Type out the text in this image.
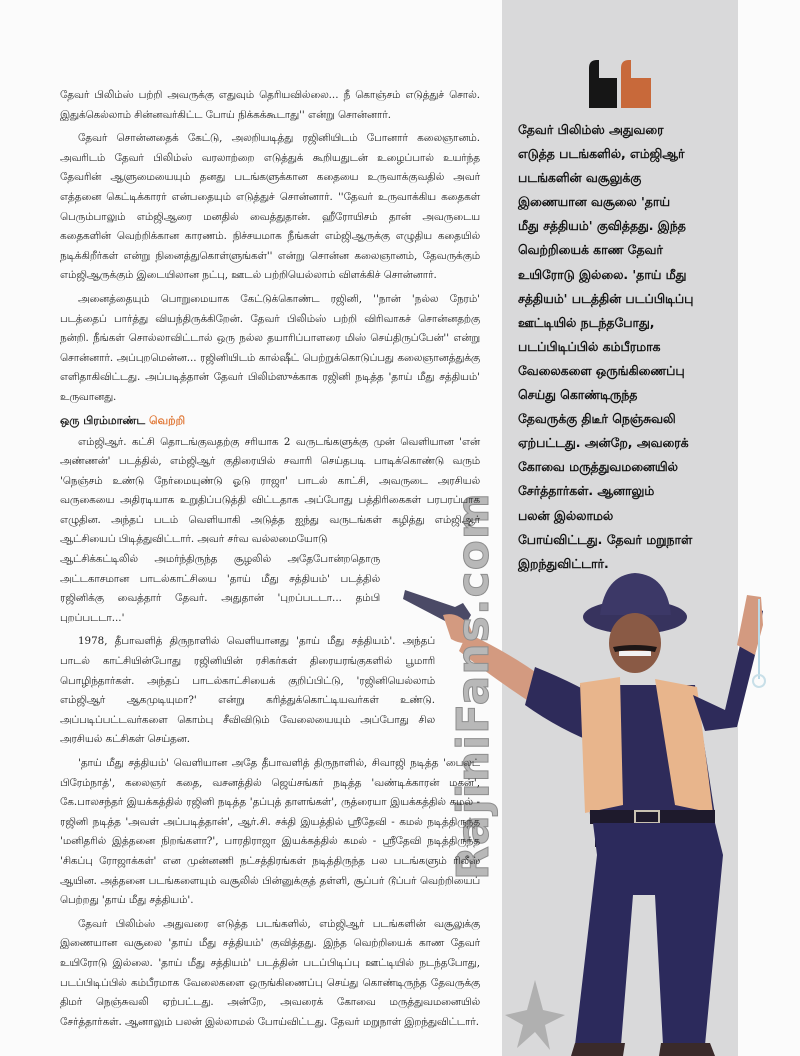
தேவர் பிலிம்ஸ் அதுவரை

எடுத்த படங்களில், எம்ஜிஆர்

படங்களின் வசூலுக்கு

இணையான வசூலை 'தாய்

மீது சத்தியம்' குவித்தது. இந்த

வெற்றியைக் காண தேவர்

உயிரோடு இல்லை. 'தாய் மீது

சத்தியம்' படத்தின் படப்பிடிப்பு

ஊட்டியில் நடந்தபோது,

படப்பிடிப்பில் கம்பீரமாக

வேலைகளை ஒருங்கிணைப்பு

செய்து கொண்டிருந்த

தேவருக்கு திடீர் நெஞ்சுவலி

ஏற்பட்டது. அன்றே, அவரைக்

கோவை மருத்துவமனையில்

சேர்த்தார்கள். ஆனாலும்

பலன் இல்லாமல்

போய்விட்டது. தேவர் மறுநாள்

இறந்துவிட்டார்.

RajiniFans.com

தேவர் பிலிம்ஸ் பற்றி அவருக்கு எதுவும் தெரியவில்லை... நீ கொஞ்சம் எடுத்துச் சொல். இதுக்கெல்லாம் சின்னவர்கிட்ட போய் நிக்கக்கூடாது'' என்று சொன்னார்.

தேவர் சொன்னதைக் கேட்டு, அலறியடித்து ரஜினியிடம் போனார் கலைஞானம். அவரிடம் தேவர் பிலிம்ஸ் வரலாற்றை எடுத்துக் கூறியதுடன் உழைப்பால் உயர்ந்த தேவரின் ஆளுமையையும் தனது படங்களுக்கான கதையை உருவாக்குவதில் அவர் எத்தனை கெட்டிக்காரர் என்பதையும் எடுத்துச் சொன்னார். ''தேவர் உருவாக்கிய கதைகள் பெரும்பாலும் எம்ஜிஆரை மனதில் வைத்துதான். ஹீரோயிசம் தான் அவருடைய கதைகளின் வெற்றிக்கான காரணம். நிச்சயமாக நீங்கள் எம்ஜிஆருக்கு எழுதிய கதையில் நடிக்கிறீர்கள் என்று நினைத்துகொள்ளுங்கள்'' என்று சொன்ன கலைஞானம், தேவருக்கும் எம்ஜிஆருக்கும் இடையிலான நட்பு, ஊடல் பற்றியெல்லாம் விளக்கிச் சொன்னார்.

அனைத்தையும் பொறுமையாக கேட்டுக்கொண்ட ரஜினி, ''நான் 'நல்ல நேரம்' படத்தைப் பார்த்து வியந்திருக்கிறேன். தேவர் பிலிம்ஸ் பற்றி விரிவாகச் சொன்னதற்கு நன்றி. நீங்கள் சொல்லாவிட்டால் ஒரு நல்ல தயாரிப்பாளரை மிஸ் செய்திருப்பேன்'' என்று சொன்னார். அப்புறமென்ன... ரஜினியிடம் கால்ஷீட் பெற்றுக்கொடுப்பது கலைஞானத்துக்கு எளிதாகிவிட்டது. அப்படித்தான் தேவர் பிலிம்ஸுக்காக ரஜினி நடித்த 'தாய் மீது சத்தியம்' உருவானது.

ஒரு பிரம்மாண்ட வெற்றி

எம்ஜிஆர். கட்சி தொடங்குவதற்கு சரியாக 2 வருடங்களுக்கு முன் வெளியான 'என் அண்ணன்' படத்தில், எம்ஜிஆர் குதிரையில் சவாரி செய்தபடி பாடிக்கொண்டு வரும் 'நெஞ்சம் உண்டு நேர்மையுண்டு ஓடு ராஜா' பாடல் காட்சி, அவருடை அரசியல் வருகையை அதிரடியாக உறுதிப்படுத்தி விட்டதாக அப்போது பத்திரிகைகள் பரபரப்பாக எழுதின. அந்தப் படம் வெளியாகி அடுத்த ஐந்து வருடங்கள் கழித்து எம்ஜிஆர் ஆட்சியைப் பிடித்துவிட்டார். அவர் சர்வ வல்லமையோடு

ஆட்சிக்கட்டிலில் அமர்ந்திருந்த சூழலில் அதேபோன்றதொரு அட்டகாசமான பாடல்காட்சியை 'தாய் மீது சத்தியம்' படத்தில் ரஜினிக்கு வைத்தார் தேவர். அதுதான் 'புறப்படடா... தம்பி புறப்படடா...'

1978, தீபாவளித் திருநாளில் வெளியானது 'தாய் மீது சத்தியம்'. அந்தப் பாடல் காட்சியின்போது ரஜினியின் ரசிகர்கள் திரையரங்குகளில் பூமாரி பொழிந்தார்கள். அந்தப் பாடல்காட்சியைக் குறிப்பிட்டு, 'ரஜினியெல்லாம் எம்ஜிஆர் ஆகமுடியுமா?' என்று கரித்துக்கொட்டியவர்கள் உண்டு. அப்படிப்பட்டவர்களை கொம்பு சீவிவிடும் வேலையையும் அப்போது சில அரசியல் கட்சிகள் செய்தன.

'தாய் மீது சத்தியம்' வெளியான அதே தீபாவளித் திருநாளில், சிவாஜி நடித்த 'பைலட் பிரேம்நாத்', கலைஞர் கதை, வசனத்தில் ஜெய்சங்கர் நடித்த 'வண்டிக்காரன் மகன்', கே.பாலசந்தர் இயக்கத்தில் ரஜினி நடித்த 'தப்புத் தாளங்கள்', ருத்ரையா இயக்கத்தில் கமல் - ரஜினி நடித்த 'அவள் அப்படித்தான்', ஆர்.சி. சக்தி இயத்தில் ஸ்ரீதேவி - கமல் நடித்திருந்த 'மனிதரில் இத்தனை நிறங்களா?', பாரதிராஜா இயக்கத்தில் கமல் - ஸ்ரீதேவி நடித்திருந்த 'சிகப்பு ரோஜாக்கள்' என முன்னணி நட்சத்திரங்கள் நடித்திருந்த பல படங்களும் ரிலீஸ் ஆயின. அத்தனை படங்களையும் வசூலில் பின்னுக்குத் தள்ளி, சூப்பர் டூப்பர் வெற்றியைப் பெற்றது 'தாய் மீது சத்தியம்'.

தேவர் பிலிம்ஸ் அதுவரை எடுத்த படங்களில், எம்ஜிஆர் படங்களின் வசூலுக்கு இணையான வசூலை 'தாய் மீது சத்தியம்' குவித்தது. இந்த வெற்றியைக் காண தேவர் உயிரோடு இல்லை. 'தாய் மீது சத்தியம்' படத்தின் படப்பிடிப்பு ஊட்டியில் நடந்தபோது, படப்பிடிப்பில் கம்பீரமாக வேலைகளை ஒருங்கிணைப்பு செய்து கொண்டிருந்த தேவருக்கு திமர் நெஞ்சுவலி ஏற்பட்டது. அன்றே, அவரைக் கோவை மருத்துவமனையில் சேர்த்தார்கள். ஆனாலும் பலன் இல்லாமல் போய்விட்டது. தேவர் மறுநாள் இறந்துவிட்டார்.
